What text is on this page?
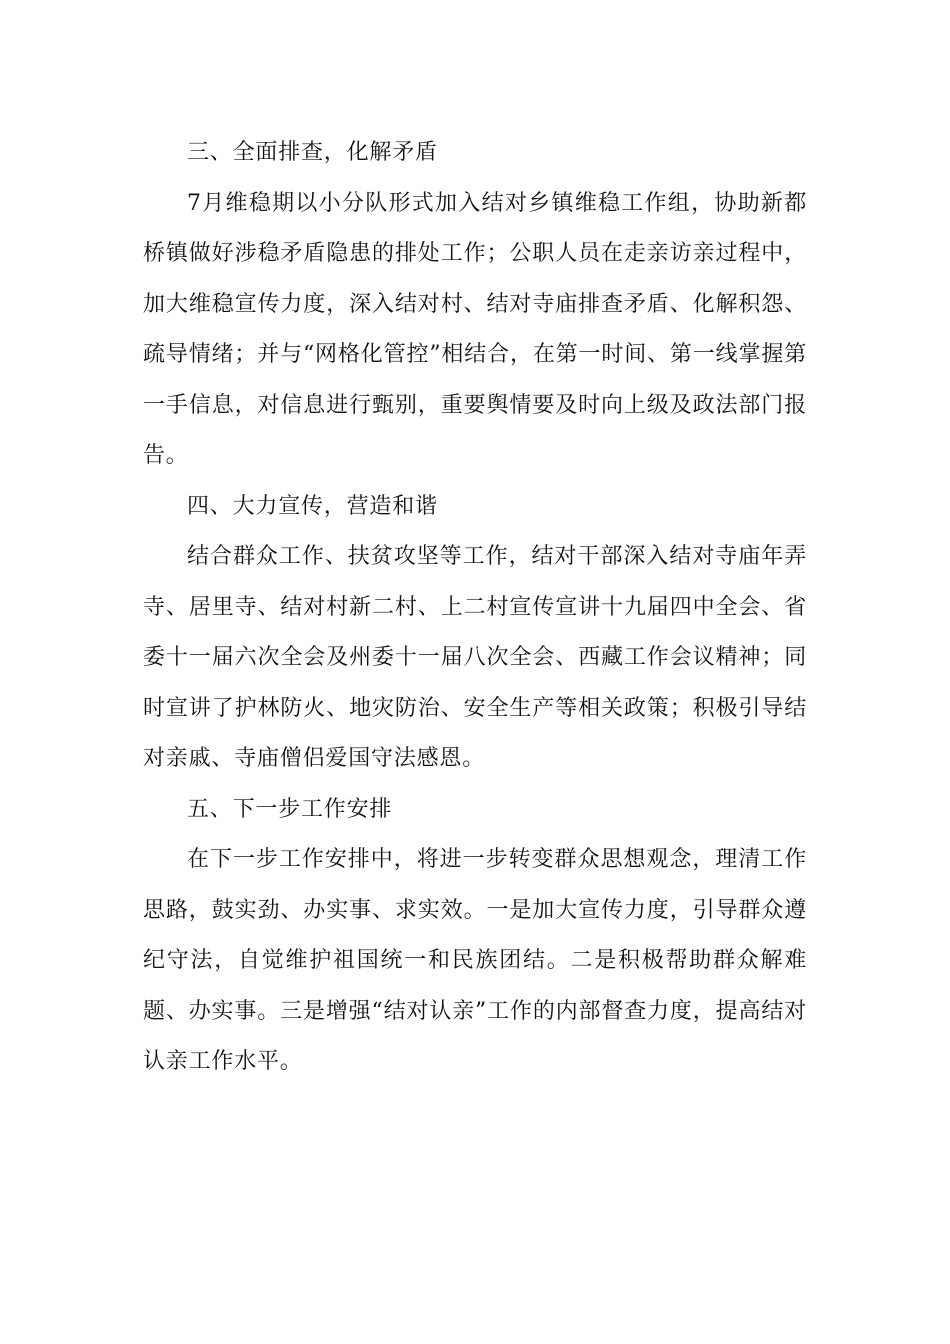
三、全面排查，化解矛盾

7月维稳期以小分队形式加入结对乡镇维稳工作组，协助新都桥镇做好涉稳矛盾隐患的排处工作；公职人员在走亲访亲过程中，加大维稳宣传力度，深入结对村、结对寺庙排查矛盾、化解积怨、疏导情绪；并与“网格化管控”相结合，在第一时间、第一线掌握第一手信息，对信息进行甄别，重要舆情要及时向上级及政法部门报告。

四、大力宣传，营造和谐

结合群众工作、扶贫攻坚等工作，结对干部深入结对寺庙年弄寺、居里寺、结对村新二村、上二村宣传宣讲十九届四中全会、省委十一届六次全会及州委十一届八次全会、西藏工作会议精神；同时宣讲了护林防火、地灾防治、安全生产等相关政策；积极引导结对亲戚、寺庙僧侣爱国守法感恩。

五、下一步工作安排

在下一步工作安排中，将进一步转变群众思想观念，理清工作思路，鼓实劲、办实事、求实效。一是加大宣传力度，引导群众遵纪守法，自觉维护祖国统一和民族团结。二是积极帮助群众解难题、办实事。三是增强“结对认亲”工作的内部督查力度，提高结对认亲工作水平。
